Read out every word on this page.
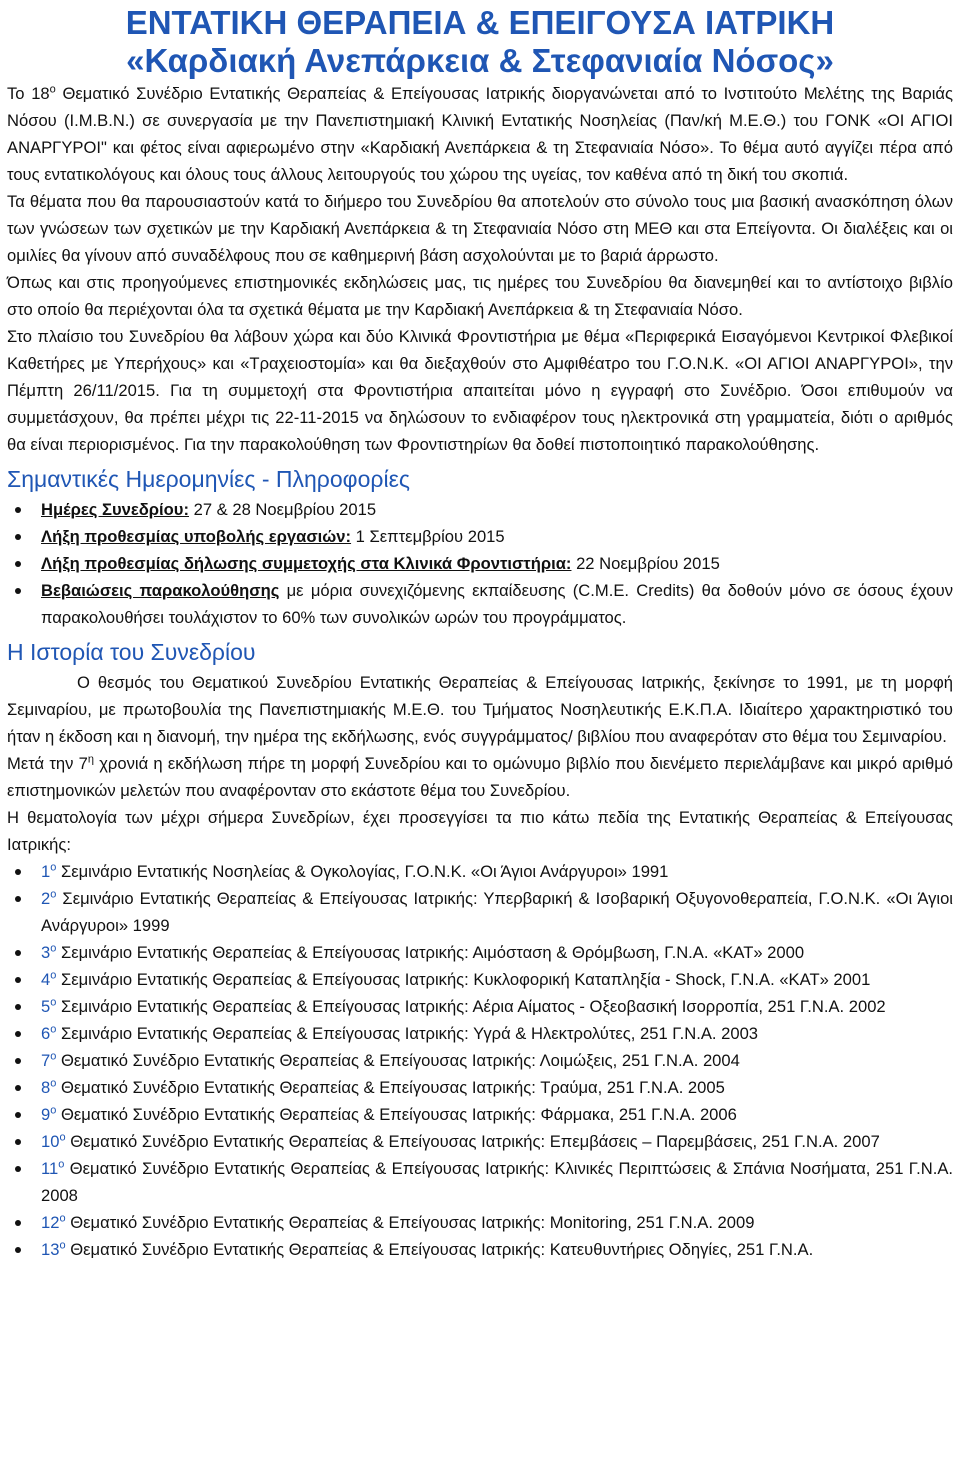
ΕΝΤΑΤΙΚΗ ΘΕΡΑΠΕΙΑ & ΕΠΕΙΓΟΥΣΑ ΙΑΤΡΙΚΗ
«Καρδιακή Ανεπάρκεια & Στεφανιαία Νόσος»

Το $18^o$ Θεματικό Συνέδριο Εντατικής Θεραπείας & Επείγουσας Ιατρικής διοργανώνεται από το Ινστιτούτο Μελέτης της Βαριάς Νόσου (Ι.Μ.Β.Ν.) σε συνεργασία με την Πανεπιστημιακή Κλινική Εντατικής Νοσηλείας (Παν/κή Μ.Ε.Θ.) του ΓΟΝΚ «ΟΙ ΑΓΙΟΙ ΑΝΑΡΓΥΡΟΙ" και φέτος είναι αφιερωμένο στην «Καρδιακή Ανεπάρκεια & τη Στεφανιαία Νόσο». Το θέμα αυτό αγγίζει πέρα από τους εντατικολόγους και όλους τους άλλους λειτουργούς του χώρου της υγείας, τον καθένα από τη δική του σκοπιά.

Τα θέματα που θα παρουσιαστούν κατά το διήμερο του Συνεδρίου θα αποτελούν στο σύνολο τους μια βασική ανασκόπηση όλων των γνώσεων των σχετικών με την Καρδιακή Ανεπάρκεια & τη Στεφανιαία Νόσο στη ΜΕΘ και στα Επείγοντα. Οι διαλέξεις και οι ομιλίες θα γίνουν από συναδέλφους που σε καθημερινή βάση ασχολούνται με το βαριά άρρωστο.

Όπως και στις προηγούμενες επιστημονικές εκδηλώσεις μας, τις ημέρες του Συνεδρίου θα διανεμηθεί και το αντίστοιχο βιβλίο στο οποίο θα περιέχονται όλα τα σχετικά θέματα με την Καρδιακή Ανεπάρκεια & τη Στεφανιαία Νόσο.

Στο πλαίσιο του Συνεδρίου θα λάβουν χώρα και δύο Κλινικά Φροντιστήρια με θέμα «Περιφερικά Εισαγόμενοι Κεντρικοί Φλεβικοί Καθετήρες με Υπερήχους» και «Τραχειοστομία» και θα διεξαχθούν στο Αμφιθέατρο του Γ.Ο.Ν.Κ. «ΟΙ ΑΓΙΟΙ ΑΝΑΡΓΥΡΟΙ», την Πέμπτη 26/11/2015. Για τη συμμετοχή στα Φροντιστήρια απαιτείται μόνο η εγγραφή στο Συνέδριο. Όσοι επιθυμούν να συμμετάσχουν, θα πρέπει μέχρι τις 22-11-2015 να δηλώσουν το ενδιαφέρον τους ηλεκτρονικά στη γραμματεία, διότι ο αριθμός θα είναι περιορισμένος. Για την παρακολούθηση των Φροντιστηρίων θα δοθεί πιστοποιητικό παρακολούθησης.

Σημαντικές Ημερομηνίες - Πληροφορίες
Ημέρες Συνεδρίου: 27 & 28 Νοεμβρίου 2015
Λήξη προθεσμίας υποβολής εργασιών: 1 Σεπτεμβρίου 2015
Λήξη προθεσμίας δήλωσης συμμετοχής στα Κλινικά Φροντιστήρια: 22 Νοεμβρίου 2015
Βεβαιώσεις παρακολούθησης με μόρια συνεχιζόμενης εκπαίδευσης (C.M.E. Credits) θα δοθούν μόνο σε όσους έχουν παρακολουθήσει τουλάχιστον το 60% των συνολικών ωρών του προγράμματος.
Η Ιστορία του Συνεδρίου

Ο θεσμός του Θεματικού Συνεδρίου Εντατικής Θεραπείας & Επείγουσας Ιατρικής, ξεκίνησε το 1991, με τη μορφή Σεμιναρίου, με πρωτοβουλία της Πανεπιστημιακής Μ.Ε.Θ. του Τμήματος Νοσηλευτικής Ε.Κ.Π.Α. Ιδιαίτερο χαρακτηριστικό του ήταν η έκδοση και η διανομή, την ημέρα της εκδήλωσης, ενός συγγράμματος/ βιβλίου που αναφερόταν στο θέμα του Σεμιναρίου.

Μετά την $7^\eta$ χρονιά η εκδήλωση πήρε τη μορφή Συνεδρίου και το ομώνυμο βιβλίο που διενέμετο περιελάμβανε και μικρό αριθμό επιστημονικών μελετών που αναφέρονταν στο εκάστοτε θέμα του Συνεδρίου.

Η θεματολογία των μέχρι σήμερα Συνεδρίων, έχει προσεγγίσει τα πιο κάτω πεδία της Εντατικής Θεραπείας & Επείγουσας Ιατρικής:

$1^o$ Σεμινάριο Εντατικής Νοσηλείας & Ογκολογίας, Γ.Ο.Ν.Κ. «Οι Άγιοι Ανάργυροι» 1991
$2^o$ Σεμινάριο Εντατικής Θεραπείας & Επείγουσας Ιατρικής: Υπερβαρική & Ισοβαρική Οξυγονοθεραπεία, Γ.Ο.Ν.Κ. «Οι Άγιοι Ανάργυροι» 1999
$3^o$ Σεμινάριο Εντατικής Θεραπείας & Επείγουσας Ιατρικής: Αιμόσταση & Θρόμβωση, Γ.Ν.Α. «ΚΑΤ» 2000
$4^o$ Σεμινάριο Εντατικής Θεραπείας & Επείγουσας Ιατρικής: Κυκλοφορική Καταπληξία - Shock, Γ.Ν.Α. «ΚΑΤ» 2001
$5^o$ Σεμινάριο Εντατικής Θεραπείας & Επείγουσας Ιατρικής: Αέρια Αίματος - Οξεοβασική Ισορροπία, 251 Γ.Ν.Α. 2002
$6^o$ Σεμινάριο Εντατικής Θεραπείας & Επείγουσας Ιατρικής: Υγρά & Ηλεκτρολύτες, 251 Γ.Ν.Α. 2003
$7^o$ Θεματικό Συνέδριο Εντατικής Θεραπείας & Επείγουσας Ιατρικής: Λοιμώξεις, 251 Γ.Ν.Α. 2004
$8^o$ Θεματικό Συνέδριο Εντατικής Θεραπείας & Επείγουσας Ιατρικής: Τραύμα, 251 Γ.Ν.Α. 2005
$9^o$ Θεματικό Συνέδριο Εντατικής Θεραπείας & Επείγουσας Ιατρικής: Φάρμακα, 251 Γ.Ν.Α. 2006
$10^o$ Θεματικό Συνέδριο Εντατικής Θεραπείας & Επείγουσας Ιατρικής: Επεμβάσεις – Παρεμβάσεις, 251 Γ.Ν.Α. 2007
$11^o$ Θεματικό Συνέδριο Εντατικής Θεραπείας & Επείγουσας Ιατρικής: Κλινικές Περιπτώσεις & Σπάνια Νοσήματα, 251 Γ.Ν.Α. 2008
$12^o$ Θεματικό Συνέδριο Εντατικής Θεραπείας & Επείγουσας Ιατρικής: Monitoring, 251 Γ.Ν.Α. 2009
$13^o$ Θεματικό Συνέδριο Εντατικής Θεραπείας & Επείγουσας Ιατρικής: Κατευθυντήριες Οδηγίες, 251 Γ.Ν.Α.
